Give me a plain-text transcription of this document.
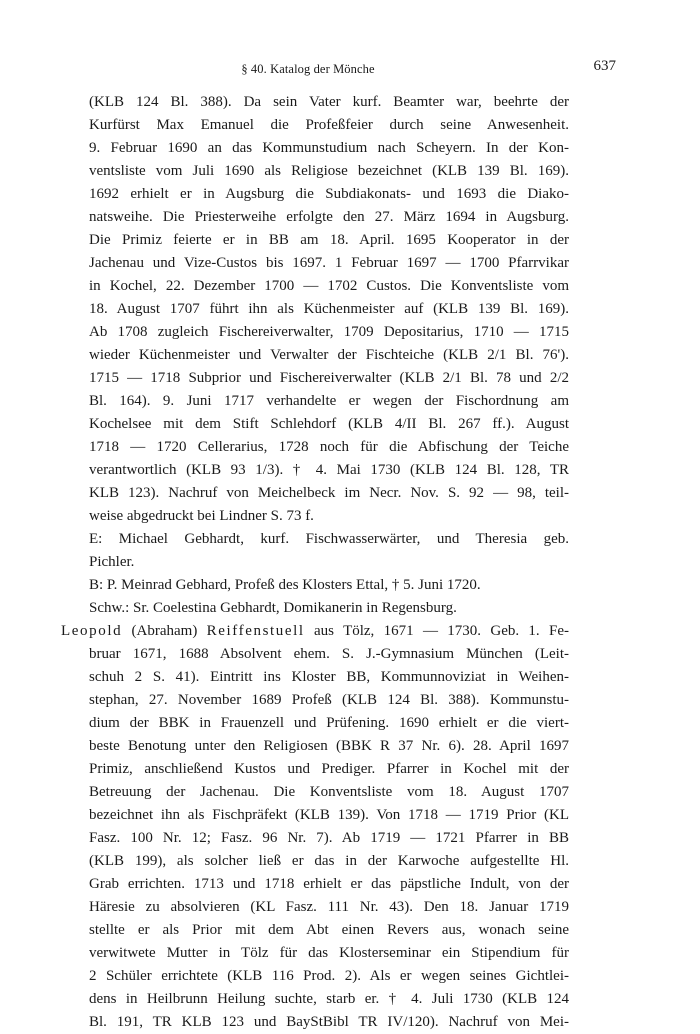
§ 40. Katalog der Mönche	637
(KLB 124 Bl. 388). Da sein Vater kurf. Beamter war, beehrte der
Kurfürst Max Emanuel die Profeßfeier durch seine Anwesenheit.
9. Februar 1690 an das Kommunstudium nach Scheyern. In der Kon-
ventsliste vom Juli 1690 als Religiose bezeichnet (KLB 139 Bl. 169).
1692 erhielt er in Augsburg die Subdiakonats- und 1693 die Diako-
natsweihe. Die Priesterweihe erfolgte den 27. März 1694 in Augsburg.
Die Primiz feierte er in BB am 18. April. 1695 Kooperator in der
Jachenau und Vize-Custos bis 1697. 1 Februar 1697 — 1700 Pfarrvikar
in Kochel, 22. Dezember 1700 — 1702 Custos. Die Konventsliste vom
18. August 1707 führt ihn als Küchenmeister auf (KLB 139 Bl. 169).
Ab 1708 zugleich Fischereiverwalter, 1709 Depositarius, 1710 — 1715
wieder Küchenmeister und Verwalter der Fischteiche (KLB 2/1 Bl. 76').
1715 — 1718 Subprior und Fischereiverwalter (KLB 2/1 Bl. 78 und 2/2
Bl. 164). 9. Juni 1717 verhandelte er wegen der Fischordnung am
Kochelsee mit dem Stift Schlehdorf (KLB 4/II Bl. 267 ff.). August
1718 — 1720 Cellerarius, 1728 noch für die Abfischung der Teiche
verantwortlich (KLB 93 1/3). † 4. Mai 1730 (KLB 124 Bl. 128, TR
KLB 123). Nachruf von Meichelbeck im Necr. Nov. S. 92 — 98, teil-
weise abgedruckt bei Lindner S. 73 f.
E: Michael Gebhardt, kurf. Fischwasserwärter, und Theresia geb.
Pichler.
B: P. Meinrad Gebhard, Profeß des Klosters Ettal, † 5. Juni 1720.
Schw.: Sr. Coelestina Gebhardt, Domikanerin in Regensburg.
Leopold (Abraham) Reiffenstuell aus Tölz, 1671 — 1730. Geb. 1. Fe-
bruar 1671, 1688 Absolvent ehem. S. J.-Gymnasium München (Leit-
schuh 2 S. 41). Eintritt ins Kloster BB, Kommunnoviziat in Weihen-
stephan, 27. November 1689 Profeß (KLB 124 Bl. 388). Kommunstu-
dium der BBK in Frauenzell und Prüfening. 1690 erhielt er die viert-
beste Benotung unter den Religiosen (BBK R 37 Nr. 6). 28. April 1697
Primiz, anschließend Kustos und Prediger. Pfarrer in Kochel mit der
Betreuung der Jachenau. Die Konventsliste vom 18. August 1707
bezeichnet ihn als Fischpräfekt (KLB 139). Von 1718 — 1719 Prior (KL
Fasz. 100 Nr. 12; Fasz. 96 Nr. 7). Ab 1719 — 1721 Pfarrer in BB
(KLB 199), als solcher ließ er das in der Karwoche aufgestellte Hl.
Grab errichten. 1713 und 1718 erhielt er das päpstliche Indult, von der
Häresie zu absolvieren (KL Fasz. 111 Nr. 43). Den 18. Januar 1719
stellte er als Prior mit dem Abt einen Revers aus, wonach seine
verwitwete Mutter in Tölz für das Klosterseminar ein Stipendium für
2 Schüler errichtete (KLB 116 Prod. 2). Als er wegen seines Gichtlei-
dens in Heilbrunn Heilung suchte, starb er. † 4. Juli 1730 (KLB 124
Bl. 191, TR KLB 123 und BayStBibl TR IV/120). Nachruf von Mei-
